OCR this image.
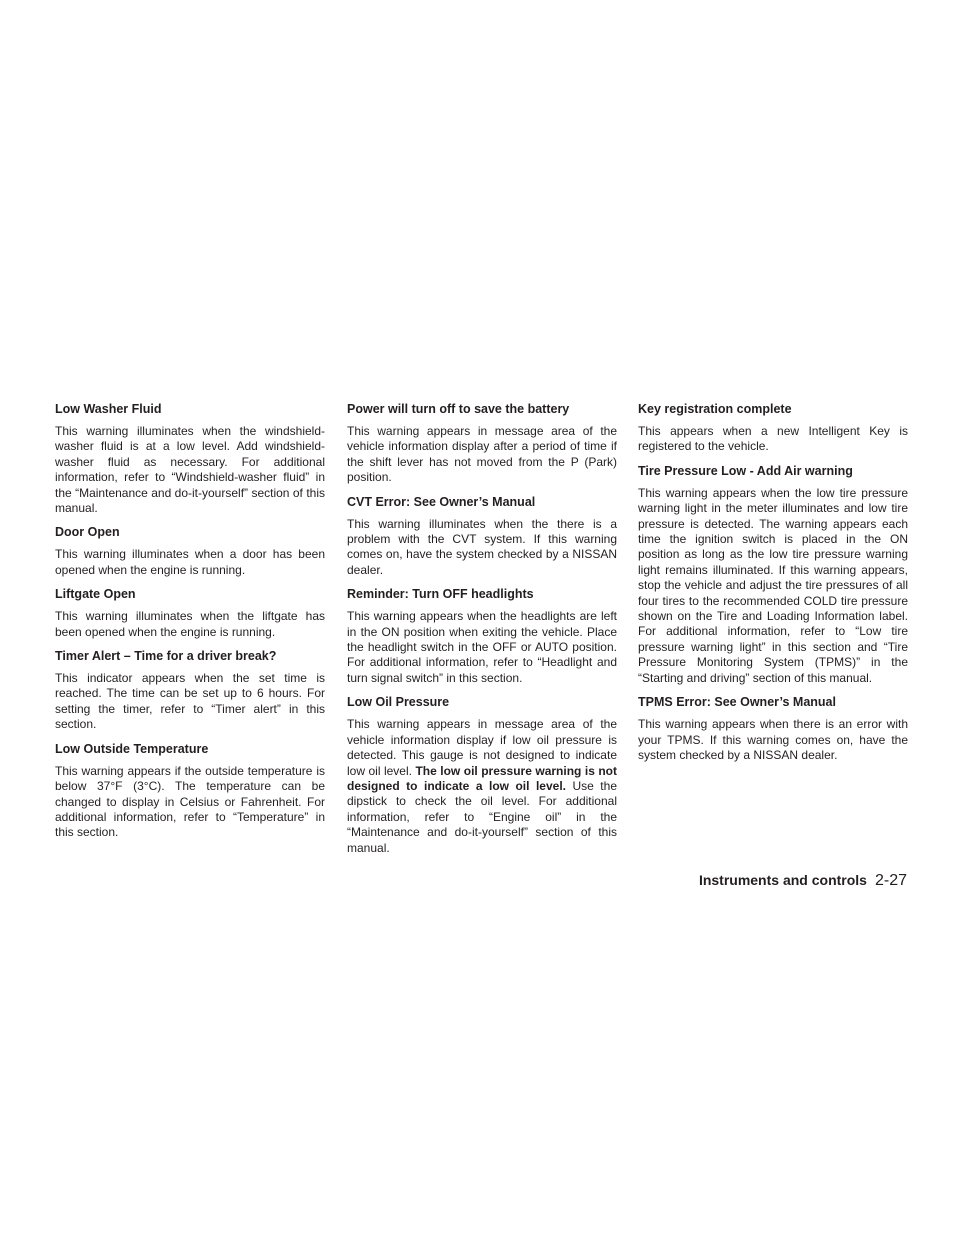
Low Washer Fluid

This warning illuminates when the windshield-washer fluid is at a low level. Add windshield-washer fluid as necessary. For additional information, refer to “Windshield-washer fluid” in the “Maintenance and do-it-yourself” section of this manual.

Door Open

This warning illuminates when a door has been opened when the engine is running.

Liftgate Open

This warning illuminates when the liftgate has been opened when the engine is running.

Timer Alert – Time for a driver break?

This indicator appears when the set time is reached. The time can be set up to 6 hours. For setting the timer, refer to “Timer alert” in this section.

Low Outside Temperature

This warning appears if the outside temperature is below 37°F (3°C). The temperature can be changed to display in Celsius or Fahrenheit. For additional information, refer to “Temperature” in this section.

Power will turn off to save the battery

This warning appears in message area of the vehicle information display after a period of time if the shift lever has not moved from the P (Park) position.

CVT Error: See Owner’s Manual

This warning illuminates when the there is a problem with the CVT system. If this warning comes on, have the system checked by a NISSAN dealer.

Reminder: Turn OFF headlights

This warning appears when the headlights are left in the ON position when exiting the vehicle. Place the headlight switch in the OFF or AUTO position. For additional information, refer to “Headlight and turn signal switch” in this section.

Low Oil Pressure

This warning appears in message area of the vehicle information display if low oil pressure is detected. This gauge is not designed to indicate low oil level. The low oil pressure warning is not designed to indicate a low oil level. Use the dipstick to check the oil level. For additional information, refer to “Engine oil” in the “Maintenance and do-it-yourself” section of this manual.

Key registration complete

This appears when a new Intelligent Key is registered to the vehicle.

Tire Pressure Low - Add Air warning

This warning appears when the low tire pressure warning light in the meter illuminates and low tire pressure is detected. The warning appears each time the ignition switch is placed in the ON position as long as the low tire pressure warning light remains illuminated. If this warning appears, stop the vehicle and adjust the tire pressures of all four tires to the recommended COLD tire pressure shown on the Tire and Loading Information label. For additional information, refer to “Low tire pressure warning light” in this section and “Tire Pressure Monitoring System (TPMS)” in the “Starting and driving” section of this manual.

TPMS Error: See Owner’s Manual

This warning appears when there is an error with your TPMS. If this warning comes on, have the system checked by a NISSAN dealer.

Instruments and controls 2-27
